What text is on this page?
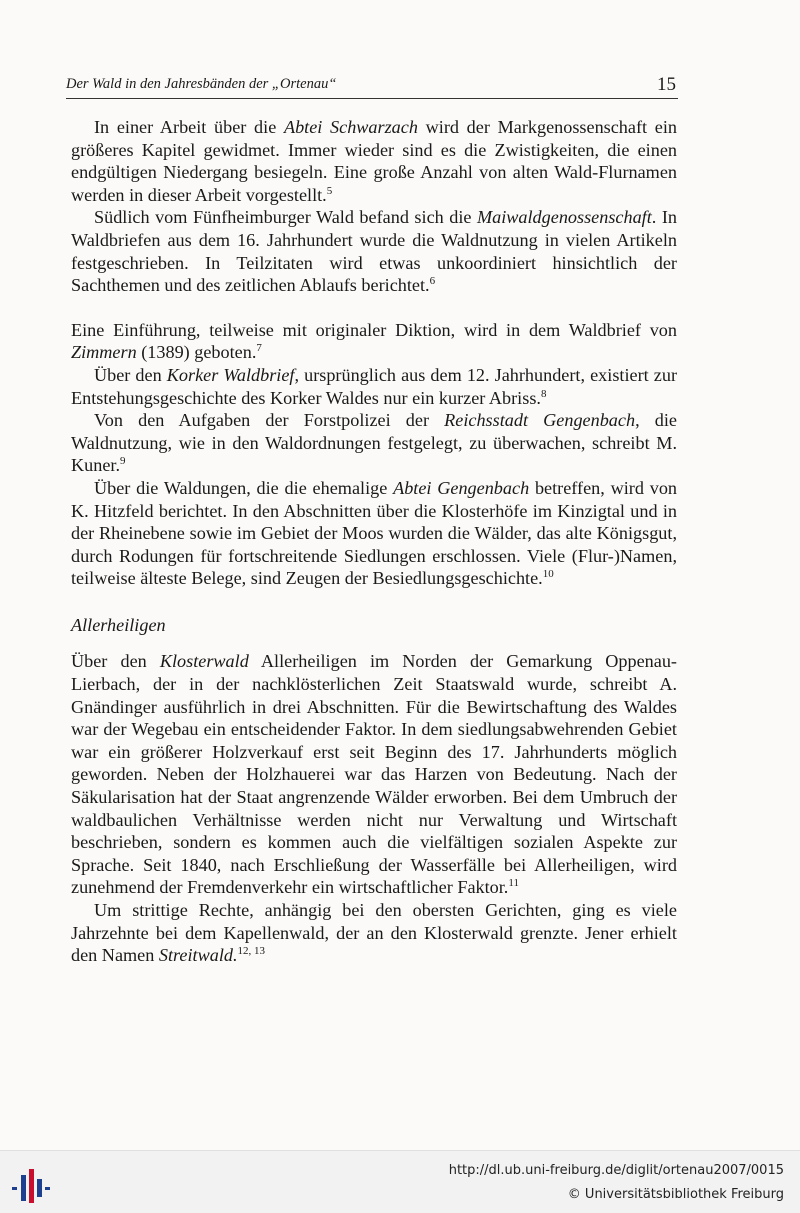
Der Wald in den Jahresbänden der „Ortenau“	15

In einer Arbeit über die Abtei Schwarzach wird der Markgenossenschaft ein größeres Kapitel gewidmet. Immer wieder sind es die Zwistigkeiten, die einen endgültigen Niedergang besiegeln. Eine große Anzahl von alten Wald-Flurnamen werden in dieser Arbeit vorgestellt.$^5$

Südlich vom Fünfheimburger Wald befand sich die Maiwaldgenossenschaft. In Waldbriefen aus dem 16. Jahrhundert wurde die Waldnutzung in vielen Artikeln festgeschrieben. In Teilzitaten wird etwas unkoordiniert hinsichtlich der Sachthemen und des zeitlichen Ablaufs berichtet.$^6$

Eine Einführung, teilweise mit originaler Diktion, wird in dem Waldbrief von Zimmern (1389) geboten.$^7$

Über den Korker Waldbrief, ursprünglich aus dem 12. Jahrhundert, existiert zur Entstehungsgeschichte des Korker Waldes nur ein kurzer Abriss.$^8$

Von den Aufgaben der Forstpolizei der Reichsstadt Gengenbach, die Waldnutzung, wie in den Waldordnungen festgelegt, zu überwachen, schreibt M. Kuner.$^9$

Über die Waldungen, die die ehemalige Abtei Gengenbach betreffen, wird von K. Hitzfeld berichtet. In den Abschnitten über die Klosterhöfe im Kinzigtal und in der Rheinebene sowie im Gebiet der Moos wurden die Wälder, das alte Königsgut, durch Rodungen für fortschreitende Siedlungen erschlossen. Viele (Flur-)Namen, teilweise älteste Belege, sind Zeugen der Besiedlungsgeschichte.$^{10}$

Allerheiligen

Über den Klosterwald Allerheiligen im Norden der Gemarkung Oppenau-Lierbach, der in der nachklösterlichen Zeit Staatswald wurde, schreibt A. Gnändinger ausführlich in drei Abschnitten. Für die Bewirtschaftung des Waldes war der Wegebau ein entscheidender Faktor. In dem siedlungsabwehrenden Gebiet war ein größerer Holzverkauf erst seit Beginn des 17. Jahrhunderts möglich geworden. Neben der Holzhauerei war das Harzen von Bedeutung. Nach der Säkularisation hat der Staat angrenzende Wälder erworben. Bei dem Umbruch der waldbaulichen Verhältnisse werden nicht nur Verwaltung und Wirtschaft beschrieben, sondern es kommen auch die vielfältigen sozialen Aspekte zur Sprache. Seit 1840, nach Erschließung der Wasserfälle bei Allerheiligen, wird zunehmend der Fremdenverkehr ein wirtschaftlicher Faktor.$^{11}$

Um strittige Rechte, anhängig bei den obersten Gerichten, ging es viele Jahrzehnte bei dem Kapellenwald, der an den Klosterwald grenzte. Jener erhielt den Namen Streitwald.$^{12, 13}$

http://dl.ub.uni-freiburg.de/diglit/ortenau2007/0015
© Universitätsbibliothek Freiburg
